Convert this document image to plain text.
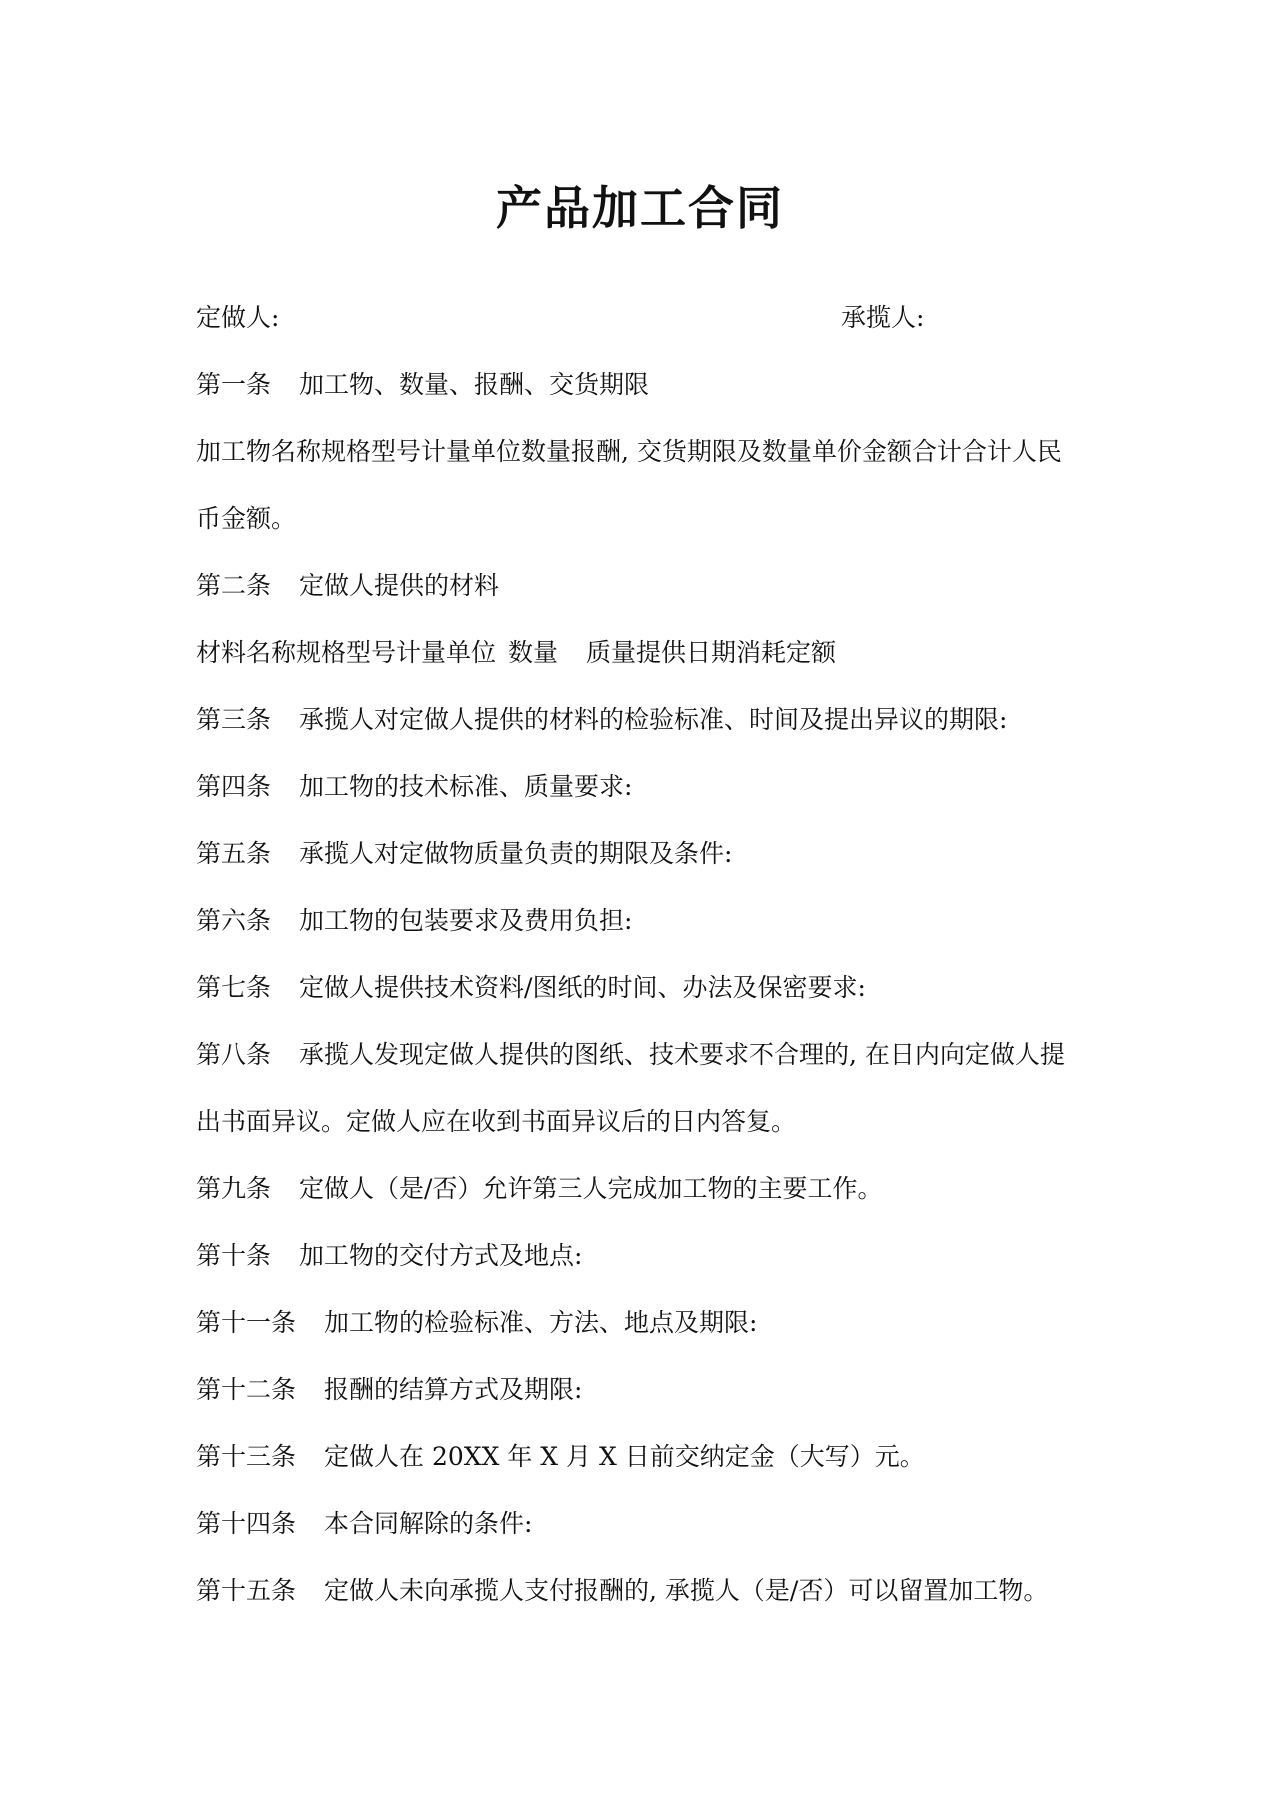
产品加工合同
定做人:	承揽人:
第一条 加工物、数量、报酬、交货期限
加工物名称规格型号计量单位数量报酬, 交货期限及数量单价金额合计合计人民
币金额。
第二条 定做人提供的材料
材料名称规格型号计量单位 数量 质量提供日期消耗定额
第三条 承揽人对定做人提供的材料的检验标准、时间及提出异议的期限:
第四条 加工物的技术标准、质量要求:
第五条 承揽人对定做物质量负责的期限及条件:
第六条 加工物的包装要求及费用负担:
第七条 定做人提供技术资料/图纸的时间、办法及保密要求:
第八条 承揽人发现定做人提供的图纸、技术要求不合理的, 在日内向定做人提
出书面异议。定做人应在收到书面异议后的日内答复。
第九条 定做人（是/否）允许第三人完成加工物的主要工作。
第十条 加工物的交付方式及地点:
第十一条 加工物的检验标准、方法、地点及期限:
第十二条 报酬的结算方式及期限:
第十三条 定做人在 20XX 年 X 月 X 日前交纳定金（大写）元。
第十四条 本合同解除的条件:
第十五条 定做人未向承揽人支付报酬的, 承揽人（是/否）可以留置加工物。
